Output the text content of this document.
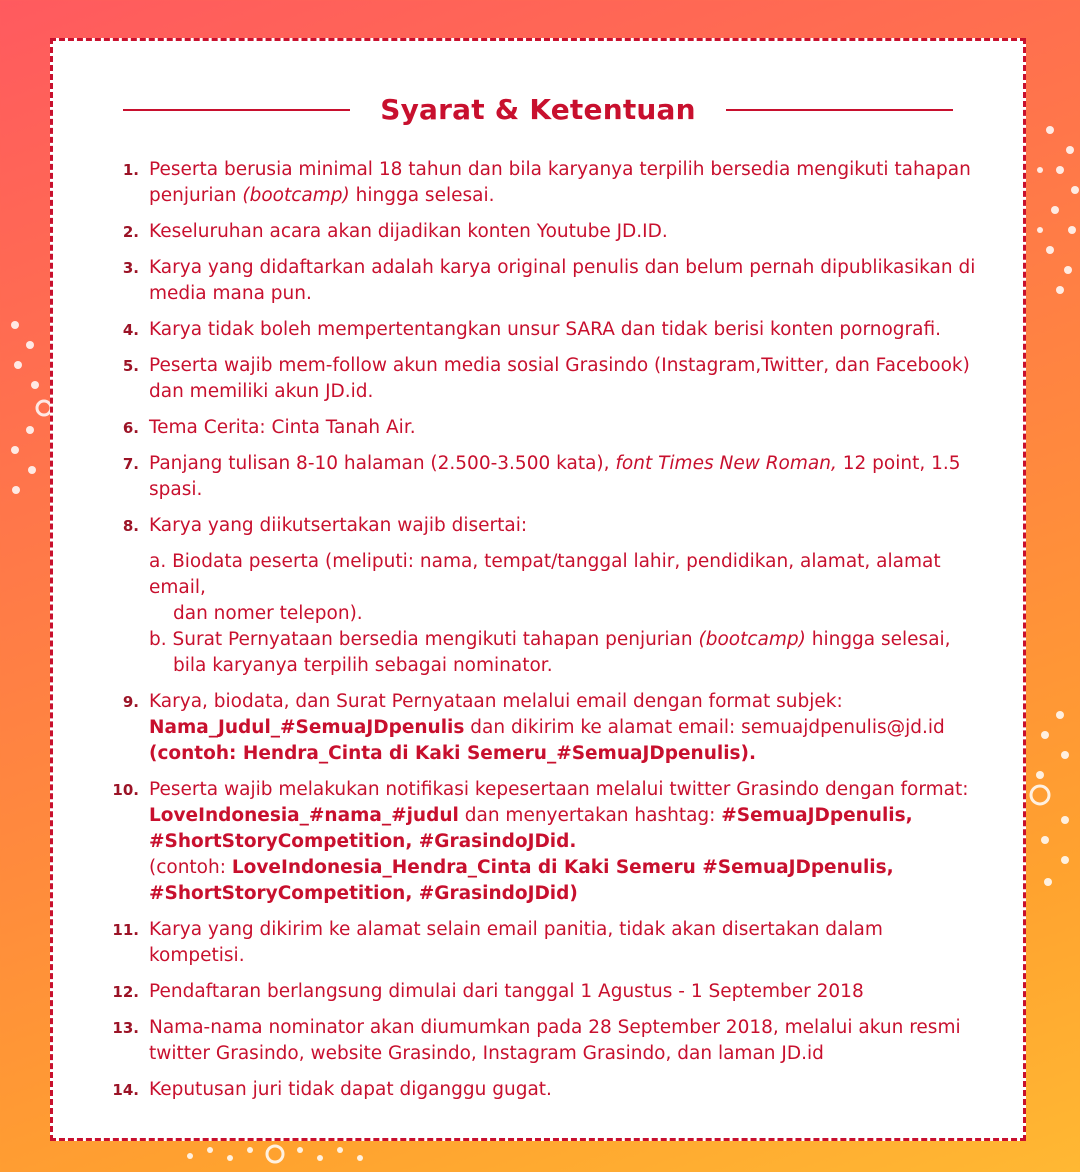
Syarat & Ketentuan
1. Peserta berusia minimal 18 tahun dan bila karyanya terpilih bersedia mengikuti tahapan penjurian (bootcamp) hingga selesai.
2. Keseluruhan acara akan dijadikan konten Youtube JD.ID.
3. Karya yang didaftarkan adalah karya original penulis dan belum pernah dipublikasikan di media mana pun.
4. Karya tidak boleh mempertentangkan unsur SARA dan tidak berisi konten pornografi.
5. Peserta wajib mem-follow akun media sosial Grasindo (Instagram,Twitter, dan Facebook) dan memiliki akun JD.id.
6. Tema Cerita: Cinta Tanah Air.
7. Panjang tulisan 8-10 halaman (2.500-3.500 kata), font Times New Roman, 12 point, 1.5 spasi.
8. Karya yang diikutsertakan wajib disertai:
a. Biodata peserta (meliputi: nama, tempat/tanggal lahir, pendidikan, alamat, alamat email,
dan nomer telepon).
b. Surat Pernyataan bersedia mengikuti tahapan penjurian (bootcamp) hingga selesai,
bila karyanya terpilih sebagai nominator.
9. Karya, biodata, dan Surat Pernyataan melalui email dengan format subjek:
Nama_Judul_#SemuaJDpenulis dan dikirim ke alamat email: semuajdpenulis@jd.id
(contoh: Hendra_Cinta di Kaki Semeru_#SemuaJDpenulis).
10. Peserta wajib melakukan notifikasi kepesertaan melalui twitter Grasindo dengan format:
LoveIndonesia_#nama_#judul dan menyertakan hashtag: #SemuaJDpenulis, #ShortStoryCompetition, #GrasindoJDid.
(contoh: LoveIndonesia_Hendra_Cinta di Kaki Semeru #SemuaJDpenulis, #ShortStoryCompetition, #GrasindoJDid)
11. Karya yang dikirim ke alamat selain email panitia, tidak akan disertakan dalam kompetisi.
12. Pendaftaran berlangsung dimulai dari tanggal 1 Agustus - 1 September 2018
13. Nama-nama nominator akan diumumkan pada 28 September 2018, melalui akun resmi twitter Grasindo, website Grasindo, Instagram Grasindo, dan laman JD.id
14. Keputusan juri tidak dapat diganggu gugat.
